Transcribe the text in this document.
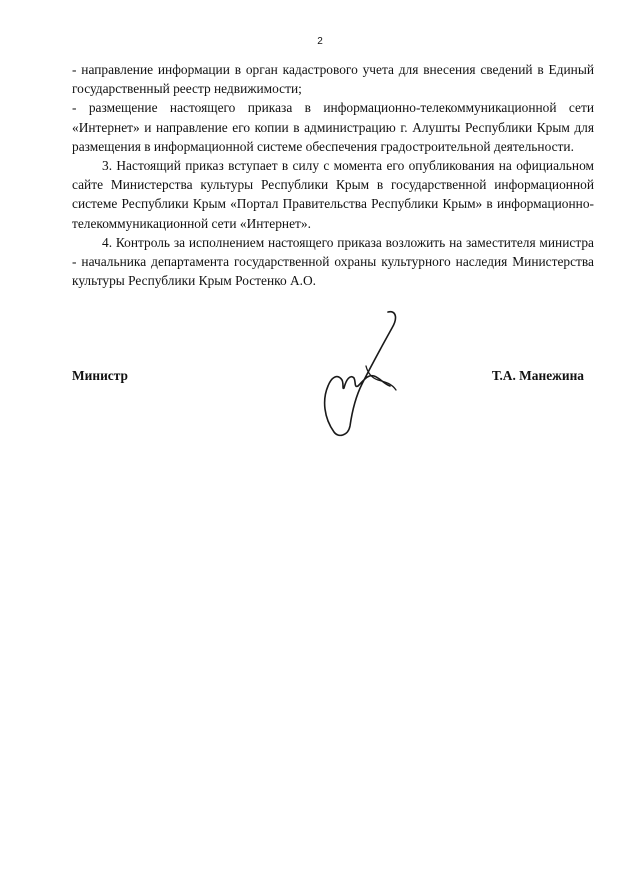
2

- направление информации в орган кадастрового учета для внесения сведений в Единый государственный реестр недвижимости;

- размещение настоящего приказа в информационно-телекоммуникационной сети «Интернет» и направление его копии в администрацию г. Алушты Республики Крым для размещения в информационной системе обеспечения градостроительной деятельности.

3. Настоящий приказ вступает в силу с момента его опубликования на официальном сайте Министерства культуры Республики Крым в государственной информационной системе Республики Крым «Портал Правительства Республики Крым» в информационно-телекоммуникационной сети «Интернет».

4. Контроль за исполнением настоящего приказа возложить на заместителя министра - начальника департамента государственной охраны культурного наследия Министерства культуры Республики Крым Ростенко А.О.

Министр	Т.А. Манежина
